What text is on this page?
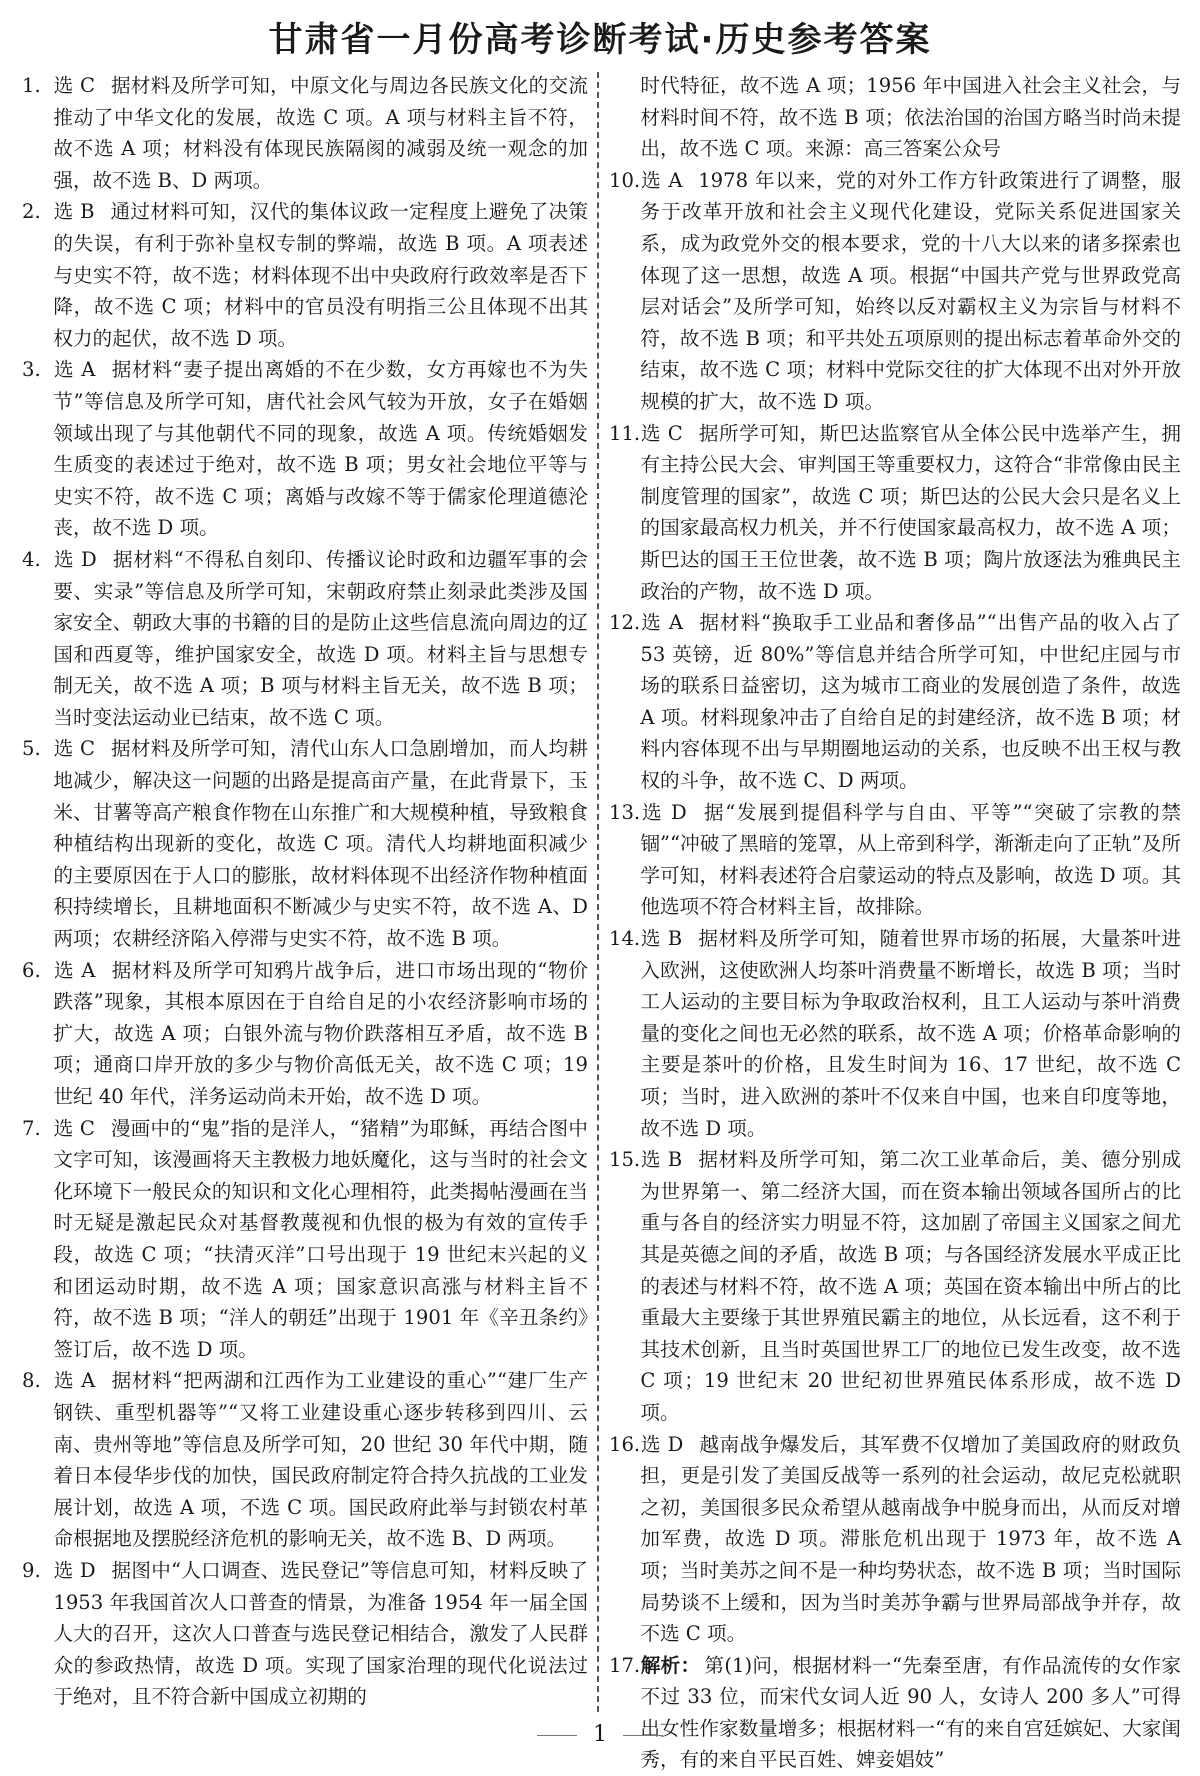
甘肃省一月份高考诊断考试·历史参考答案

1. 选 C 据材料及所学可知，中原文化与周边各民族文化的交流推动了中华文化的发展，故选 C 项。A 项与材料主旨不符，故不选 A 项；材料没有体现民族隔阂的减弱及统一观念的加强，故不选 B、D 两项。

2. 选 B 通过材料可知，汉代的集体议政一定程度上避免了决策的失误，有利于弥补皇权专制的弊端，故选 B 项。A 项表述与史实不符，故不选；材料体现不出中央政府行政效率是否下降，故不选 C 项；材料中的官员没有明指三公且体现不出其权力的起伏，故不选 D 项。

3. 选 A 据材料“妻子提出离婚的不在少数，女方再嫁也不为失节”等信息及所学可知，唐代社会风气较为开放，女子在婚姻领域出现了与其他朝代不同的现象，故选 A 项。传统婚姻发生质变的表述过于绝对，故不选 B 项；男女社会地位平等与史实不符，故不选 C 项；离婚与改嫁不等于儒家伦理道德沦丧，故不选 D 项。

4. 选 D 据材料“不得私自刻印、传播议论时政和边疆军事的会要、实录”等信息及所学可知，宋朝政府禁止刻录此类涉及国家安全、朝政大事的书籍的目的是防止这些信息流向周边的辽国和西夏等，维护国家安全，故选 D 项。材料主旨与思想专制无关，故不选 A 项；B 项与材料主旨无关，故不选 B 项；当时变法运动业已结束，故不选 C 项。

5. 选 C 据材料及所学可知，清代山东人口急剧增加，而人均耕地减少，解决这一问题的出路是提高亩产量，在此背景下，玉米、甘薯等高产粮食作物在山东推广和大规模种植，导致粮食种植结构出现新的变化，故选 C 项。清代人均耕地面积减少的主要原因在于人口的膨胀，故材料体现不出经济作物种植面积持续增长，且耕地面积不断减少与史实不符，故不选 A、D 两项；农耕经济陷入停滞与史实不符，故不选 B 项。

6. 选 A 据材料及所学可知鸦片战争后，进口市场出现的“物价跌落”现象，其根本原因在于自给自足的小农经济影响市场的扩大，故选 A 项；白银外流与物价跌落相互矛盾，故不选 B 项；通商口岸开放的多少与物价高低无关，故不选 C 项；19 世纪 40 年代，洋务运动尚未开始，故不选 D 项。

7. 选 C 漫画中的“鬼”指的是洋人，“猪精”为耶稣，再结合图中文字可知，该漫画将天主教极力地妖魔化，这与当时的社会文化环境下一般民众的知识和文化心理相符，此类揭帖漫画在当时无疑是激起民众对基督教蔑视和仇恨的极为有效的宣传手段，故选 C 项；“扶清灭洋”口号出现于 19 世纪末兴起的义和团运动时期，故不选 A 项；国家意识高涨与材料主旨不符，故不选 B 项；“洋人的朝廷”出现于 1901 年《辛丑条约》签订后，故不选 D 项。

8. 选 A 据材料“把两湖和江西作为工业建设的重心”“建厂生产钢铁、重型机器等”“又将工业建设重心逐步转移到四川、云南、贵州等地”等信息及所学可知，20 世纪 30 年代中期，随着日本侵华步伐的加快，国民政府制定符合持久抗战的工业发展计划，故选 A 项，不选 C 项。国民政府此举与封锁农村革命根据地及摆脱经济危机的影响无关，故不选 B、D 两项。

9. 选 D 据图中“人口调查、选民登记”等信息可知，材料反映了 1953 年我国首次人口普查的情景，为准备 1954 年一届全国人大的召开，这次人口普查与选民登记相结合，激发了人民群众的参政热情，故选 D 项。实现了国家治理的现代化说法过于绝对，且不符合新中国成立初期的

时代特征，故不选 A 项；1956 年中国进入社会主义社会，与材料时间不符，故不选 B 项；依法治国的治国方略当时尚未提出，故不选 C 项。来源：高三答案公众号

10.选 A 1978 年以来，党的对外工作方针政策进行了调整，服务于改革开放和社会主义现代化建设，党际关系促进国家关系，成为政党外交的根本要求，党的十八大以来的诸多探索也体现了这一思想，故选 A 项。根据“中国共产党与世界政党高层对话会”及所学可知，始终以反对霸权主义为宗旨与材料不符，故不选 B 项；和平共处五项原则的提出标志着革命外交的结束，故不选 C 项；材料中党际交往的扩大体现不出对外开放规模的扩大，故不选 D 项。

11.选 C 据所学可知，斯巴达监察官从全体公民中选举产生，拥有主持公民大会、审判国王等重要权力，这符合“非常像由民主制度管理的国家”，故选 C 项；斯巴达的公民大会只是名义上的国家最高权力机关，并不行使国家最高权力，故不选 A 项；斯巴达的国王王位世袭，故不选 B 项；陶片放逐法为雅典民主政治的产物，故不选 D 项。

12.选 A 据材料“换取手工业品和奢侈品”“出售产品的收入占了 53 英镑，近 80%”等信息并结合所学可知，中世纪庄园与市场的联系日益密切，这为城市工商业的发展创造了条件，故选 A 项。材料现象冲击了自给自足的封建经济，故不选 B 项；材料内容体现不出与早期圈地运动的关系，也反映不出王权与教权的斗争，故不选 C、D 两项。

13.选 D 据“发展到提倡科学与自由、平等”“突破了宗教的禁锢”“冲破了黑暗的笼罩，从上帝到科学，渐渐走向了正轨”及所学可知，材料表述符合启蒙运动的特点及影响，故选 D 项。其他选项不符合材料主旨，故排除。

14.选 B 据材料及所学可知，随着世界市场的拓展，大量茶叶进入欧洲，这使欧洲人均茶叶消费量不断增长，故选 B 项；当时工人运动的主要目标为争取政治权利，且工人运动与茶叶消费量的变化之间也无必然的联系，故不选 A 项；价格革命影响的主要是茶叶的价格，且发生时间为 16、17 世纪，故不选 C 项；当时，进入欧洲的茶叶不仅来自中国，也来自印度等地，故不选 D 项。

15.选 B 据材料及所学可知，第二次工业革命后，美、德分别成为世界第一、第二经济大国，而在资本输出领域各国所占的比重与各自的经济实力明显不符，这加剧了帝国主义国家之间尤其是英德之间的矛盾，故选 B 项；与各国经济发展水平成正比的表述与材料不符，故不选 A 项；英国在资本输出中所占的比重最大主要缘于其世界殖民霸主的地位，从长远看，这不利于其技术创新，且当时英国世界工厂的地位已发生改变，故不选 C 项；19 世纪末 20 世纪初世界殖民体系形成，故不选 D 项。

16.选 D 越南战争爆发后，其军费不仅增加了美国政府的财政负担，更是引发了美国反战等一系列的社会运动，故尼克松就职之初，美国很多民众希望从越南战争中脱身而出，从而反对增加军费，故选 D 项。滞胀危机出现于 1973 年，故不选 A 项；当时美苏之间不是一种均势状态，故不选 B 项；当时国际局势谈不上缓和，因为当时美苏争霸与世界局部战争并存，故不选 C 项。

17.解析： 第(1)问，根据材料一“先秦至唐，有作品流传的女作家不过 33 位，而宋代女词人近 90 人，女诗人 200 多人”可得出女性作家数量增多；根据材料一“有的来自宫廷嫔妃、大家闺秀，有的来自平民百姓、婢妾娼妓”

1
